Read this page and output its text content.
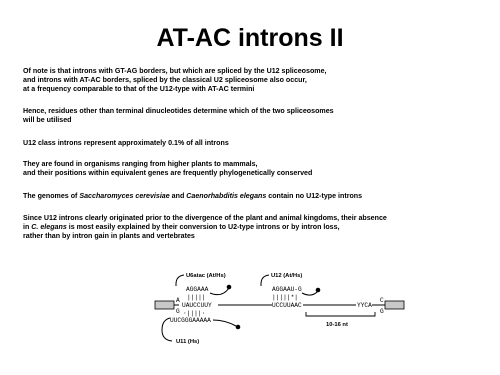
AT-AC introns II
Of note is that introns with GT-AG borders, but which are spliced by the U12 spliceosome,
and introns with AT-AC borders, spliced by the classical U2 spliceosome also occur,
at a frequency comparable to that of the U12-type with AT-AC termini
Hence, residues other than terminal dinucleotides determine which of the two spliceosomes
will be utilised
U12 class introns represent approximately 0.1% of all introns
They are found in organisms ranging from higher plants to mammals,
and their positions within equivalent genes are frequently phylogenetically conserved
The genomes of Saccharomyces cerevisiae and Caenorhabditis elegans contain no U12-type introns
Since U12 introns clearly originated prior to the divergence of the plant and animal kingdoms, their absence
in C. elegans is most easily explained by their conversion to U2-type introns or by intron loss,
rather than by intron gain in plants and vertebrates
U6atac (At/Hs)
AGGAAA
|||||
U12 (At/Hs)
AGGAAU-G
|||||*|
A
G
UAUCCUUY	UCCUUAAC	YYCA
C
G
·||||·
UUCGGGAAAAA
U11 (Hs)
10-16 nt
